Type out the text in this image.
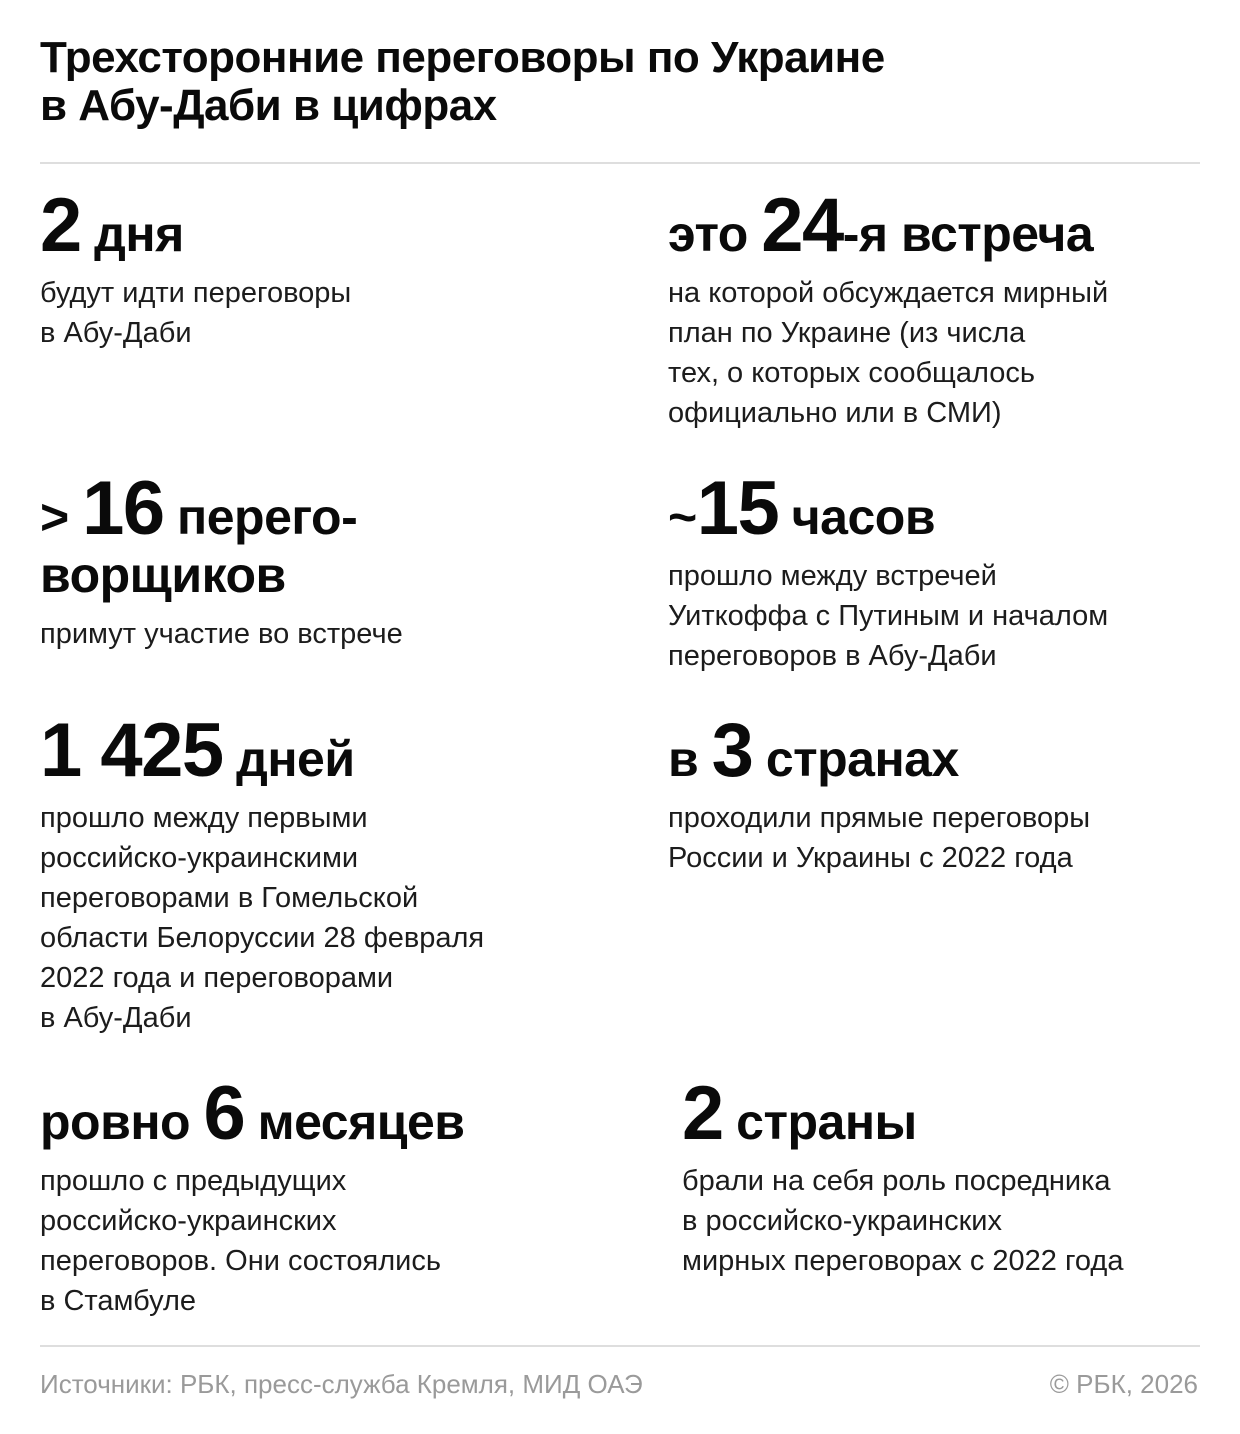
Трехсторонние переговоры по Украине
в Абу-Даби в цифрах
2 дня
будут идти переговоры
в Абу-Даби
это 24-я встреча
на которой обсуждается мирный
план по Украине (из числа
тех, о которых сообщалось
официально или в СМИ)
> 16 перего-
ворщиков
примут участие во встрече
~15 часов
прошло между встречей
Уиткоффа с Путиным и началом
переговоров в Абу-Даби
1 425 дней
прошло между первыми
российско-украинскими
переговорами в Гомельской
области Белоруссии 28 февраля
2022 года и переговорами
в Абу-Даби
в 3 странах
проходили прямые переговоры
России и Украины с 2022 года
ровно 6 месяцев
прошло с предыдущих
российско-украинских
переговоров. Они состоялись
в Стамбуле
2 страны
брали на себя роль посредника
в российско-украинских
мирных переговорах с 2022 года
Источники: РБК, пресс-служба Кремля, МИД ОАЭ	© РБК, 2026
